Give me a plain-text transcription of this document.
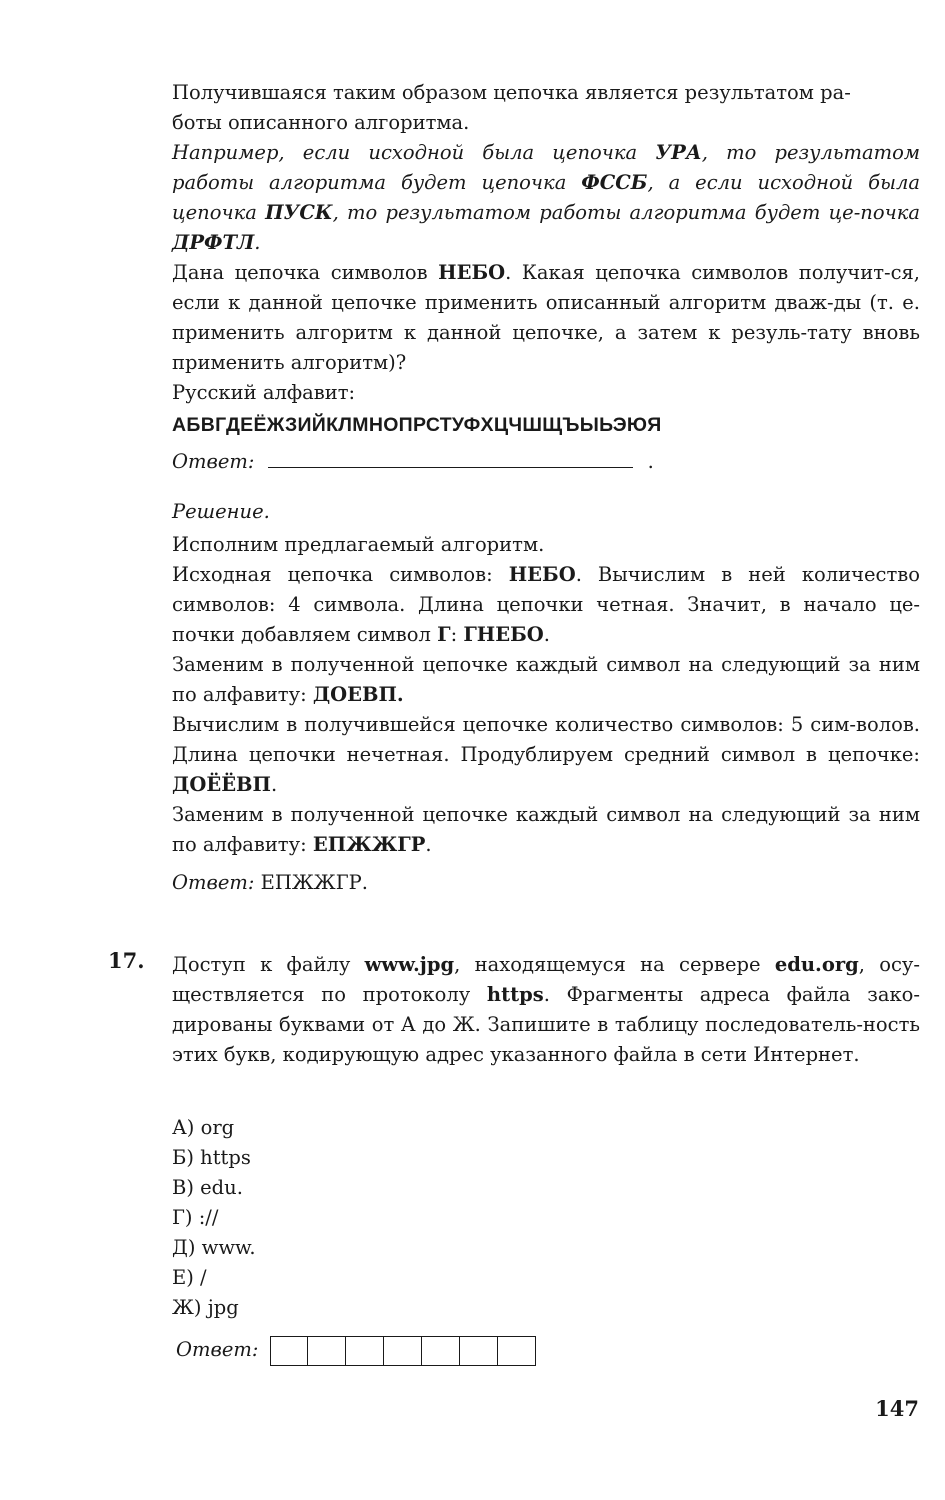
Получившаяся таким образом цепочка является результатом ра-

боты описанного алгоритма.

Например, если исходной была цепочка УРА, то результатом работы алгоритма будет цепочка ФССБ, а если исходной была цепочка ПУСК, то результатом работы алгоритма будет це-почка ДРФТЛ.

Дана цепочка символов НЕБО. Какая цепочка символов получит-ся, если к данной цепочке применить описанный алгоритм дваж-ды (т. е. применить алгоритм к данной цепочке, а затем к резуль-тату вновь применить алгоритм)?

Русский алфавит:

АБВГДЕЁЖЗИЙКЛМНОПРСТУФХЦЧШЩЪЫЬЭЮЯ

Ответ:	.

Решение.

Исполним предлагаемый алгоритм.

Исходная цепочка символов: НЕБО. Вычислим в ней количество символов: 4 символа. Длина цепочки четная. Значит, в начало це-почки добавляем символ Г: ГНЕБО.

Заменим в полученной цепочке каждый символ на следующий за ним по алфавиту: ДОЕВП.

Вычислим в получившейся цепочке количество символов: 5 сим-волов. Длина цепочки нечетная. Продублируем средний символ в цепочке: ДОЁЁВП.

Заменим в полученной цепочке каждый символ на следующий за ним по алфавиту: ЕПЖЖГР.

Ответ: ЕПЖЖГР.

17. Доступ к файлу www.jpg, находящемуся на сервере edu.org, осу-ществляется по протоколу https. Фрагменты адреса файла зако-дированы буквами от А до Ж. Запишите в таблицу последователь-ность этих букв, кодирующую адрес указанного файла в сети Интернет.

А) org

Б) https

В) edu.

Г) ://

Д) www.

Е) /

Ж) jpg

Ответ:
147
